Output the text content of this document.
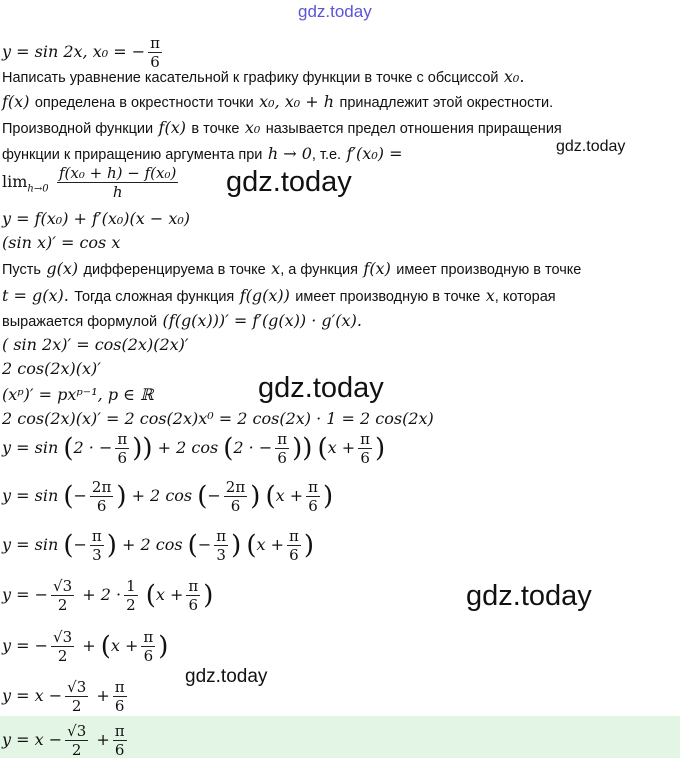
gdz.today
y = sin 2x, x₀ = − $\frac{\pi}{6}$
Написать уравнение касательной к графику функции в точке с обсциссой x₀.
f(x) определена в окрестности точки x₀, x₀ + h принадлежит этой окрестности.
Производной функции f(x) в точке x₀ называется предел отношения приращения
функции к приращению аргумента при h → 0, т.е. f′(x₀) =	gdz.today
$\lim_{h\to 0} \frac{\text{f(x₀ + h) − f(x₀)}}{h}$ gdz.today
y = f(x₀) + f′(x₀)(x − x₀)
(sin x)′ = cos x
Пусть g(x) дифференцируема в точке x, а функция f(x) имеет производную в точке
t = g(x). Тогда сложная функция f(g(x)) имеет производную в точке x, которая
выражается формулой (f(g(x)))′ = f′(g(x)) · g′(x).
( sin 2x)′ = cos(2x)(2x)′
2 cos(2x)(x)′
(xᵖ)′ = pxᵖ⁻¹, p ∈ ℝ	gdz.today
2 cos(2x)(x)′ = 2 cos(2x)x⁰ = 2 cos(2x) · 1 = 2 cos(2x)
y = sin (2 · − $\frac{\pi}{6}$ )) + 2 cos (2 · − $\frac{\pi}{6}$ )) ($x + \frac{\pi}{6}$ )
y = sin (− $\frac{2\pi}{6}$ ) + 2 cos (− $\frac{2\pi}{6}$ ) ($x + \frac{\pi}{6}$ )
y = sin (− $\frac{\pi}{3}$ ) + 2 cos (− $\frac{\pi}{3}$ ) ($x + \frac{\pi}{6}$ )
y = − $\frac{√3}{2} + 2 \cdot \frac{1}{2} (x + \frac{\pi}{6}$ )	gdz.today
y = − $\frac{√3}{2} + (x + \frac{\pi}{6}$ )
gdz.today
$y = x - \frac{√3}{2} + \frac{\pi}{6}$
$y = x - \frac{√3}{2} + \frac{\pi}{6}$
